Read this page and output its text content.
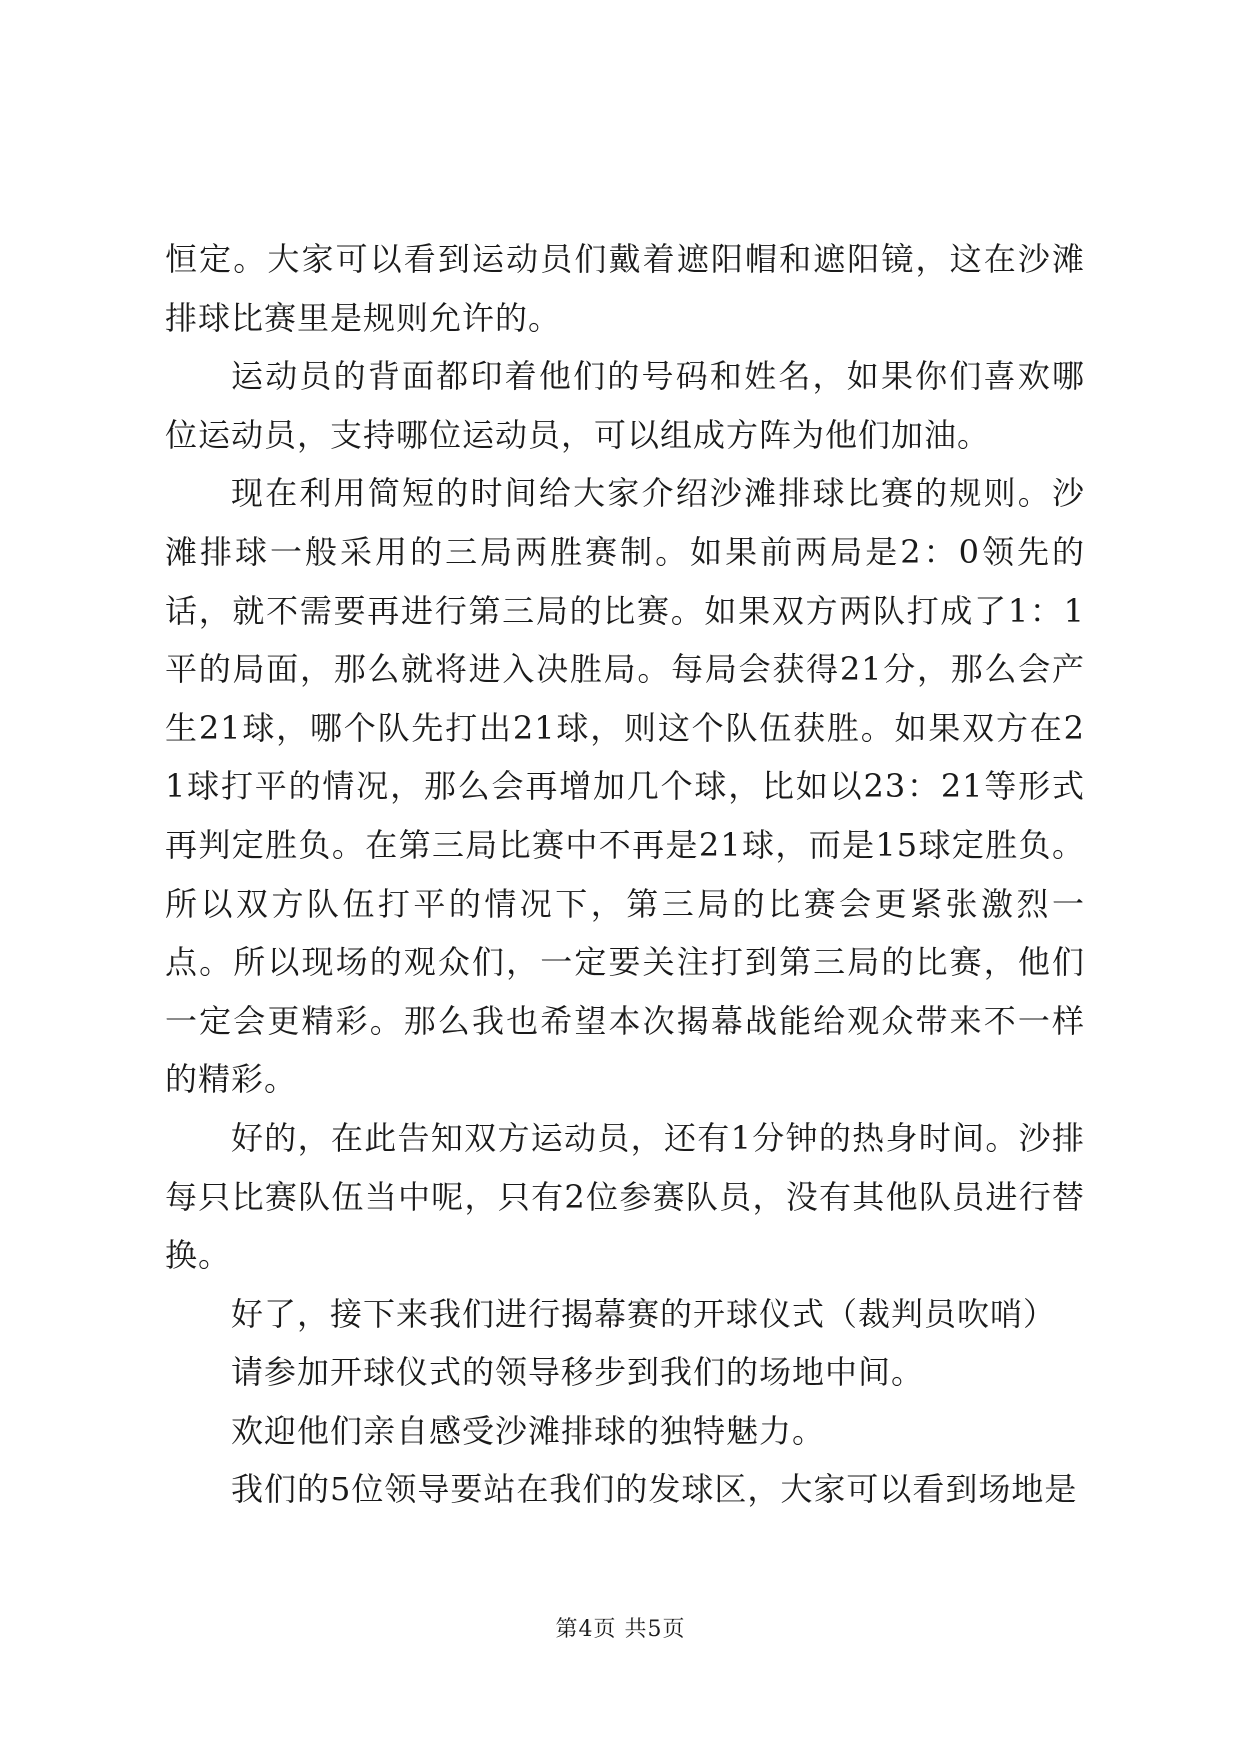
恒定。大家可以看到运动员们戴着遮阳帽和遮阳镜，这在沙滩排球比赛里是规则允许的。

运动员的背面都印着他们的号码和姓名，如果你们喜欢哪位运动员，支持哪位运动员，可以组成方阵为他们加油。

现在利用简短的时间给大家介绍沙滩排球比赛的规则。沙滩排球一般采用的三局两胜赛制。如果前两局是2：0领先的话，就不需要再进行第三局的比赛。如果双方两队打成了1：1平的局面，那么就将进入决胜局。每局会获得21分，那么会产生21球，哪个队先打出21球，则这个队伍获胜。如果双方在21球打平的情况，那么会再增加几个球，比如以23：21等形式再判定胜负。在第三局比赛中不再是21球，而是15球定胜负。所以双方队伍打平的情况下，第三局的比赛会更紧张激烈一点。所以现场的观众们，一定要关注打到第三局的比赛，他们一定会更精彩。那么我也希望本次揭幕战能给观众带来不一样的精彩。

好的，在此告知双方运动员，还有1分钟的热身时间。沙排每只比赛队伍当中呢，只有2位参赛队员，没有其他队员进行替换。

好了，接下来我们进行揭幕赛的开球仪式（裁判员吹哨）

请参加开球仪式的领导移步到我们的场地中间。

欢迎他们亲自感受沙滩排球的独特魅力。

我们的5位领导要站在我们的发球区，大家可以看到场地是

第4页 共5页
